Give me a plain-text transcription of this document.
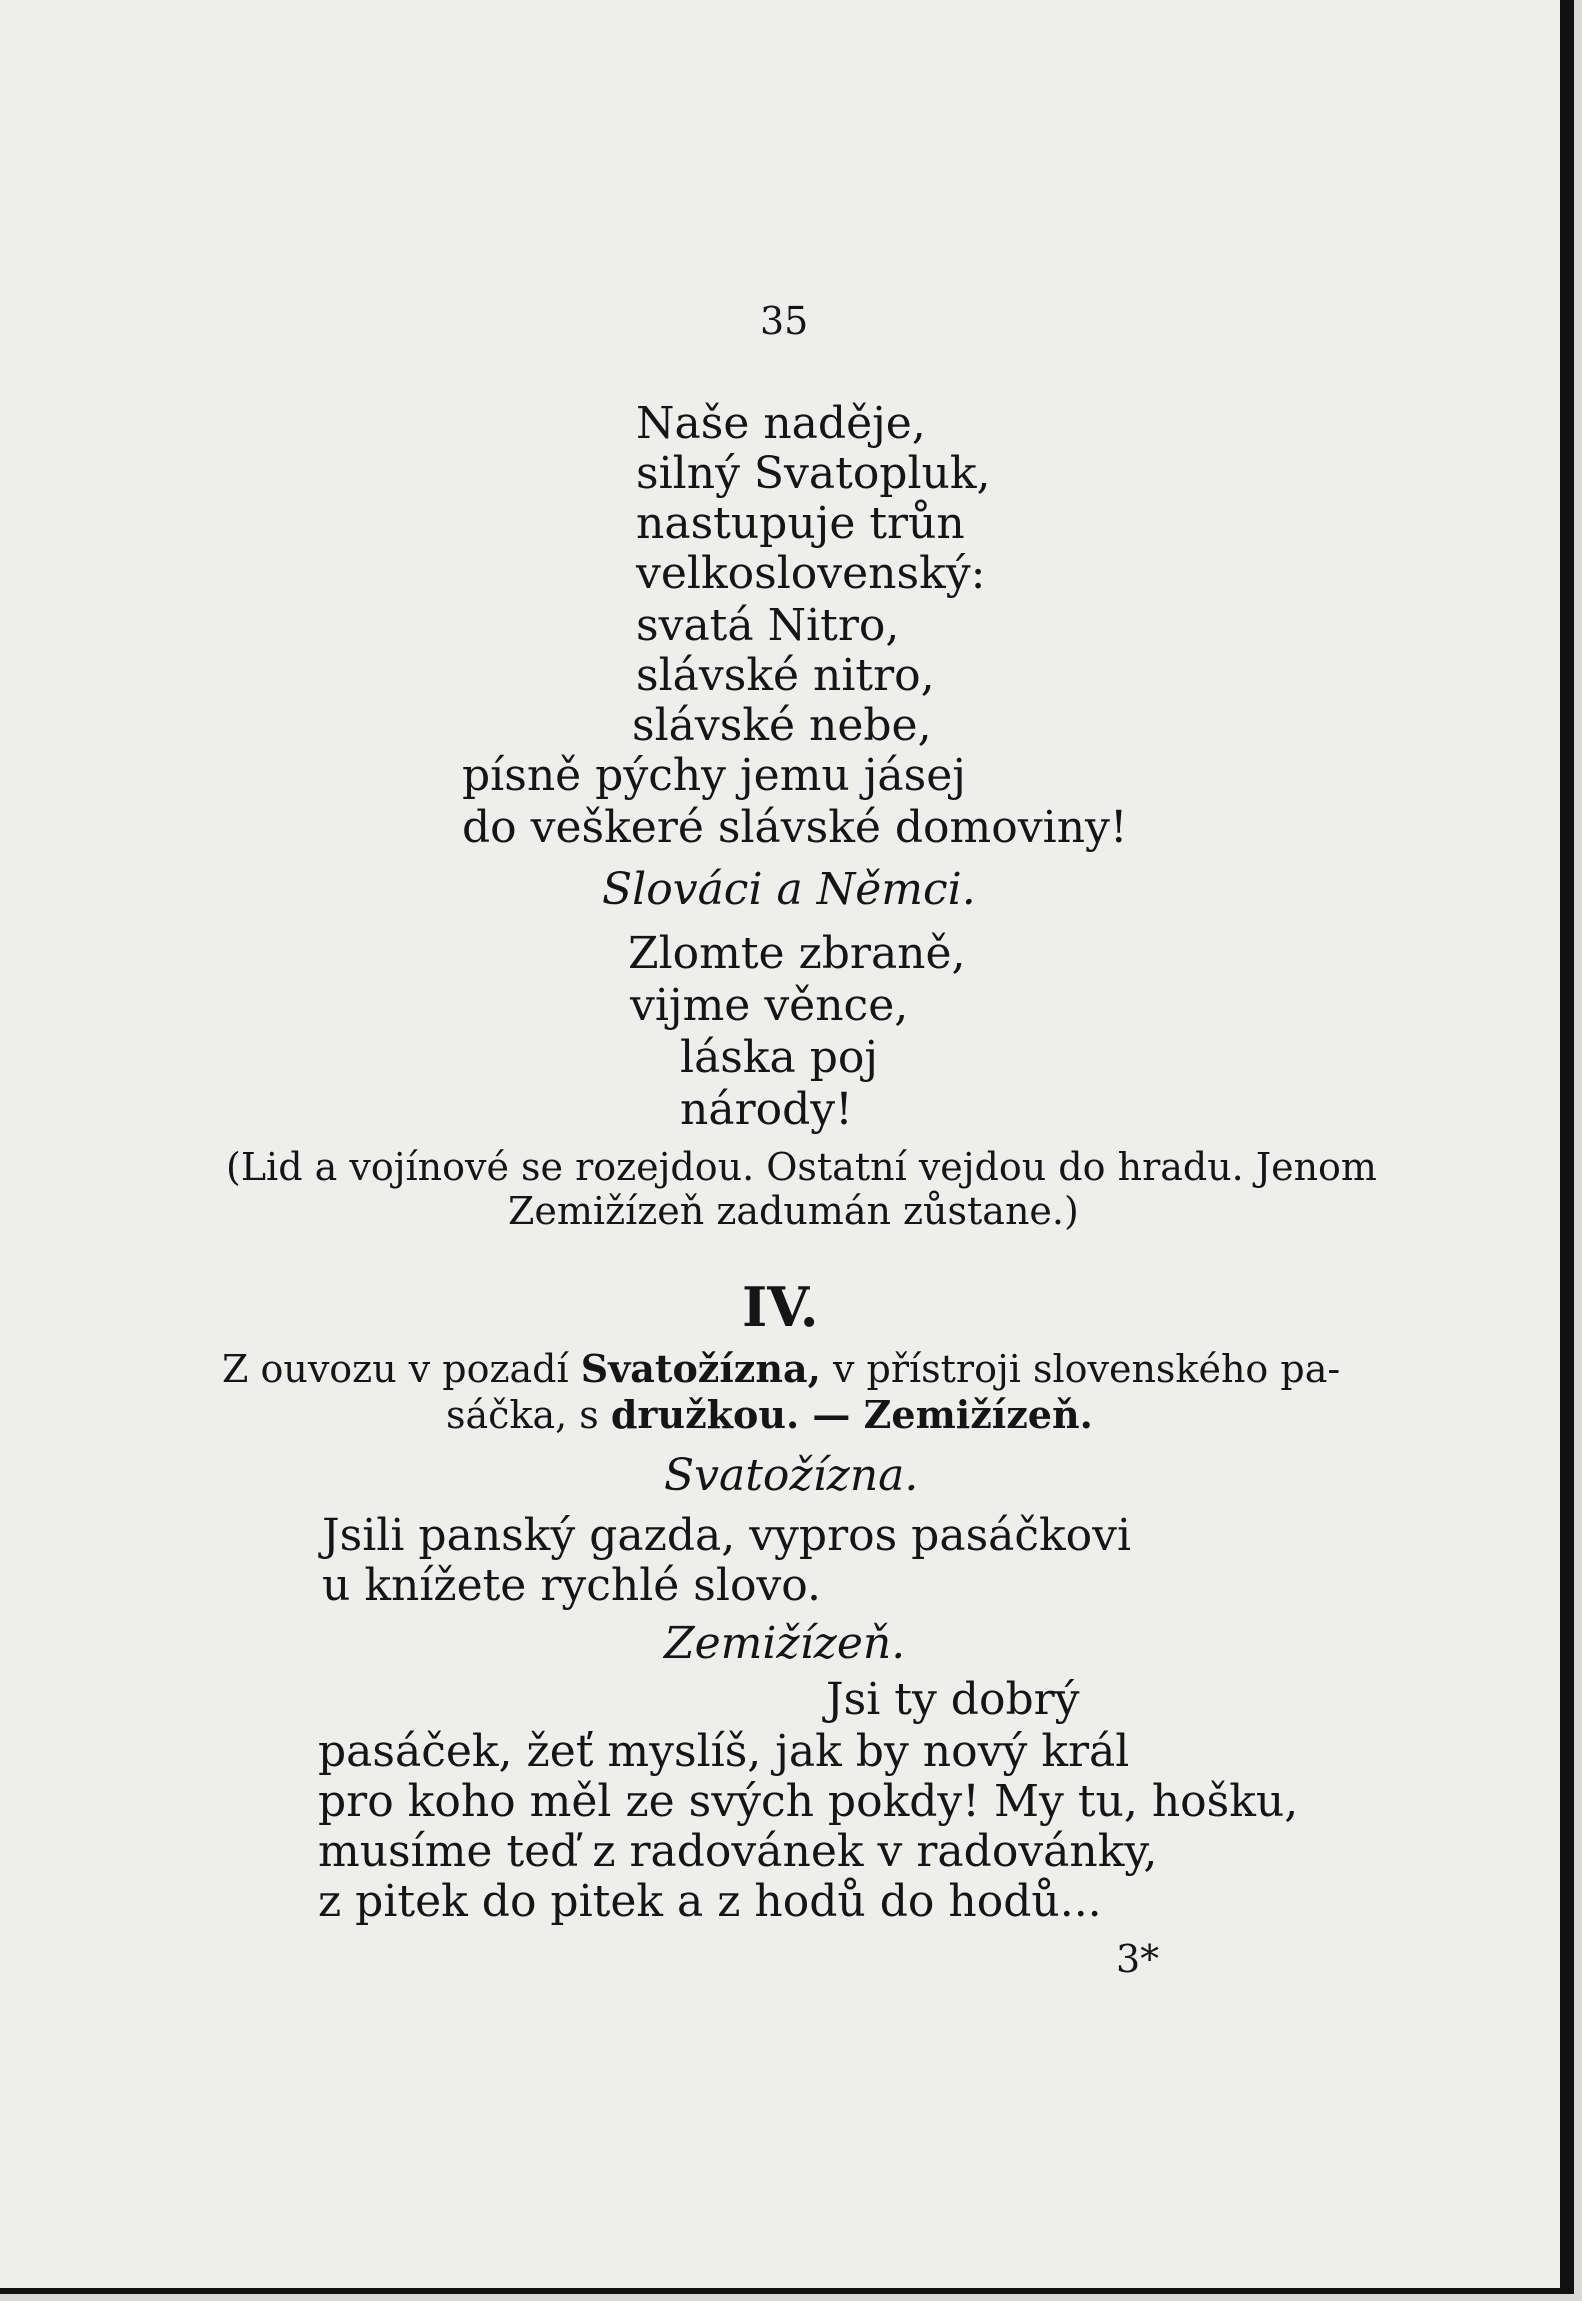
35
Naše naděje,
silný Svatopluk,
nastupuje trůn
velkoslovenský:
svatá Nitro,
slávské nitro,
slávské nebe,
písně pýchy jemu jásej
do veškeré slávské domoviny!
Slováci a Němci.
Zlomte zbraně,
vijme věnce,
láska poj
národy!
(Lid a vojínové se rozejdou. Ostatní vejdou do hradu. Jenom
Zemižízeň zadumán zůstane.)
IV.
Z ouvozu v pozadí Svatožízna, v přístroji slovenského pa-
sáčka, s družkou. — Zemižízeň.
Svatožízna.
Jsili panský gazda, vypros pasáčkovi
u knížete rychlé slovo.
Zemižízeň.
Jsi ty dobrý
pasáček, žeť myslíš, jak by nový král
pro koho měl ze svých pokdy! My tu, hošku,
musíme teď z radovánek v radovánky,
z pitek do pitek a z hodů do hodů...
3*
